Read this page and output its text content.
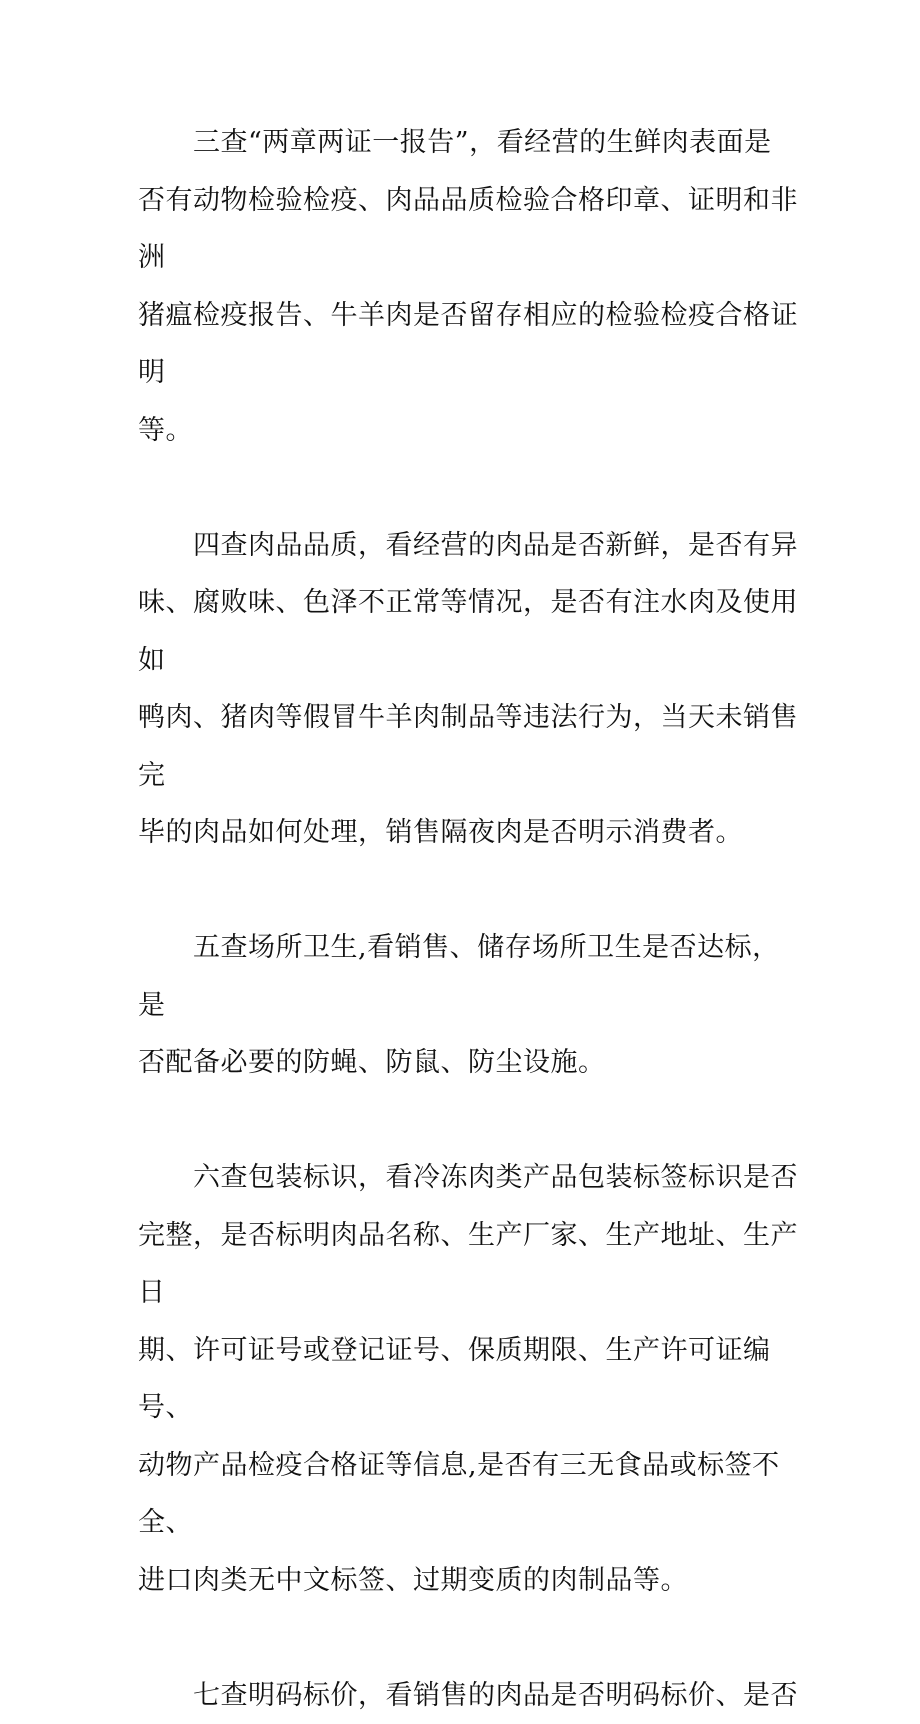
　　三查“两章两证一报告”，看经营的生鲜肉表面是
否有动物检验检疫、肉品品质检验合格印章、证明和非洲
猪瘟检疫报告、牛羊肉是否留存相应的检验检疫合格证明
等。

　　四查肉品品质，看经营的肉品是否新鲜，是否有异
味、腐败味、色泽不正常等情况，是否有注水肉及使用如
鸭肉、猪肉等假冒牛羊肉制品等违法行为，当天未销售完
毕的肉品如何处理，销售隔夜肉是否明示消费者。

　　五查场所卫生,看销售、储存场所卫生是否达标，是
否配备必要的防蝇、防鼠、防尘设施。

　　六查包装标识，看冷冻肉类产品包装标签标识是否
完整，是否标明肉品名称、生产厂家、生产地址、生产日
期、许可证号或登记证号、保质期限、生产许可证编号、
动物产品检疫合格证等信息,是否有三无食品或标签不全、
进口肉类无中文标签、过期变质的肉制品等。

　　七查明码标价，看销售的肉品是否明码标价、是否
